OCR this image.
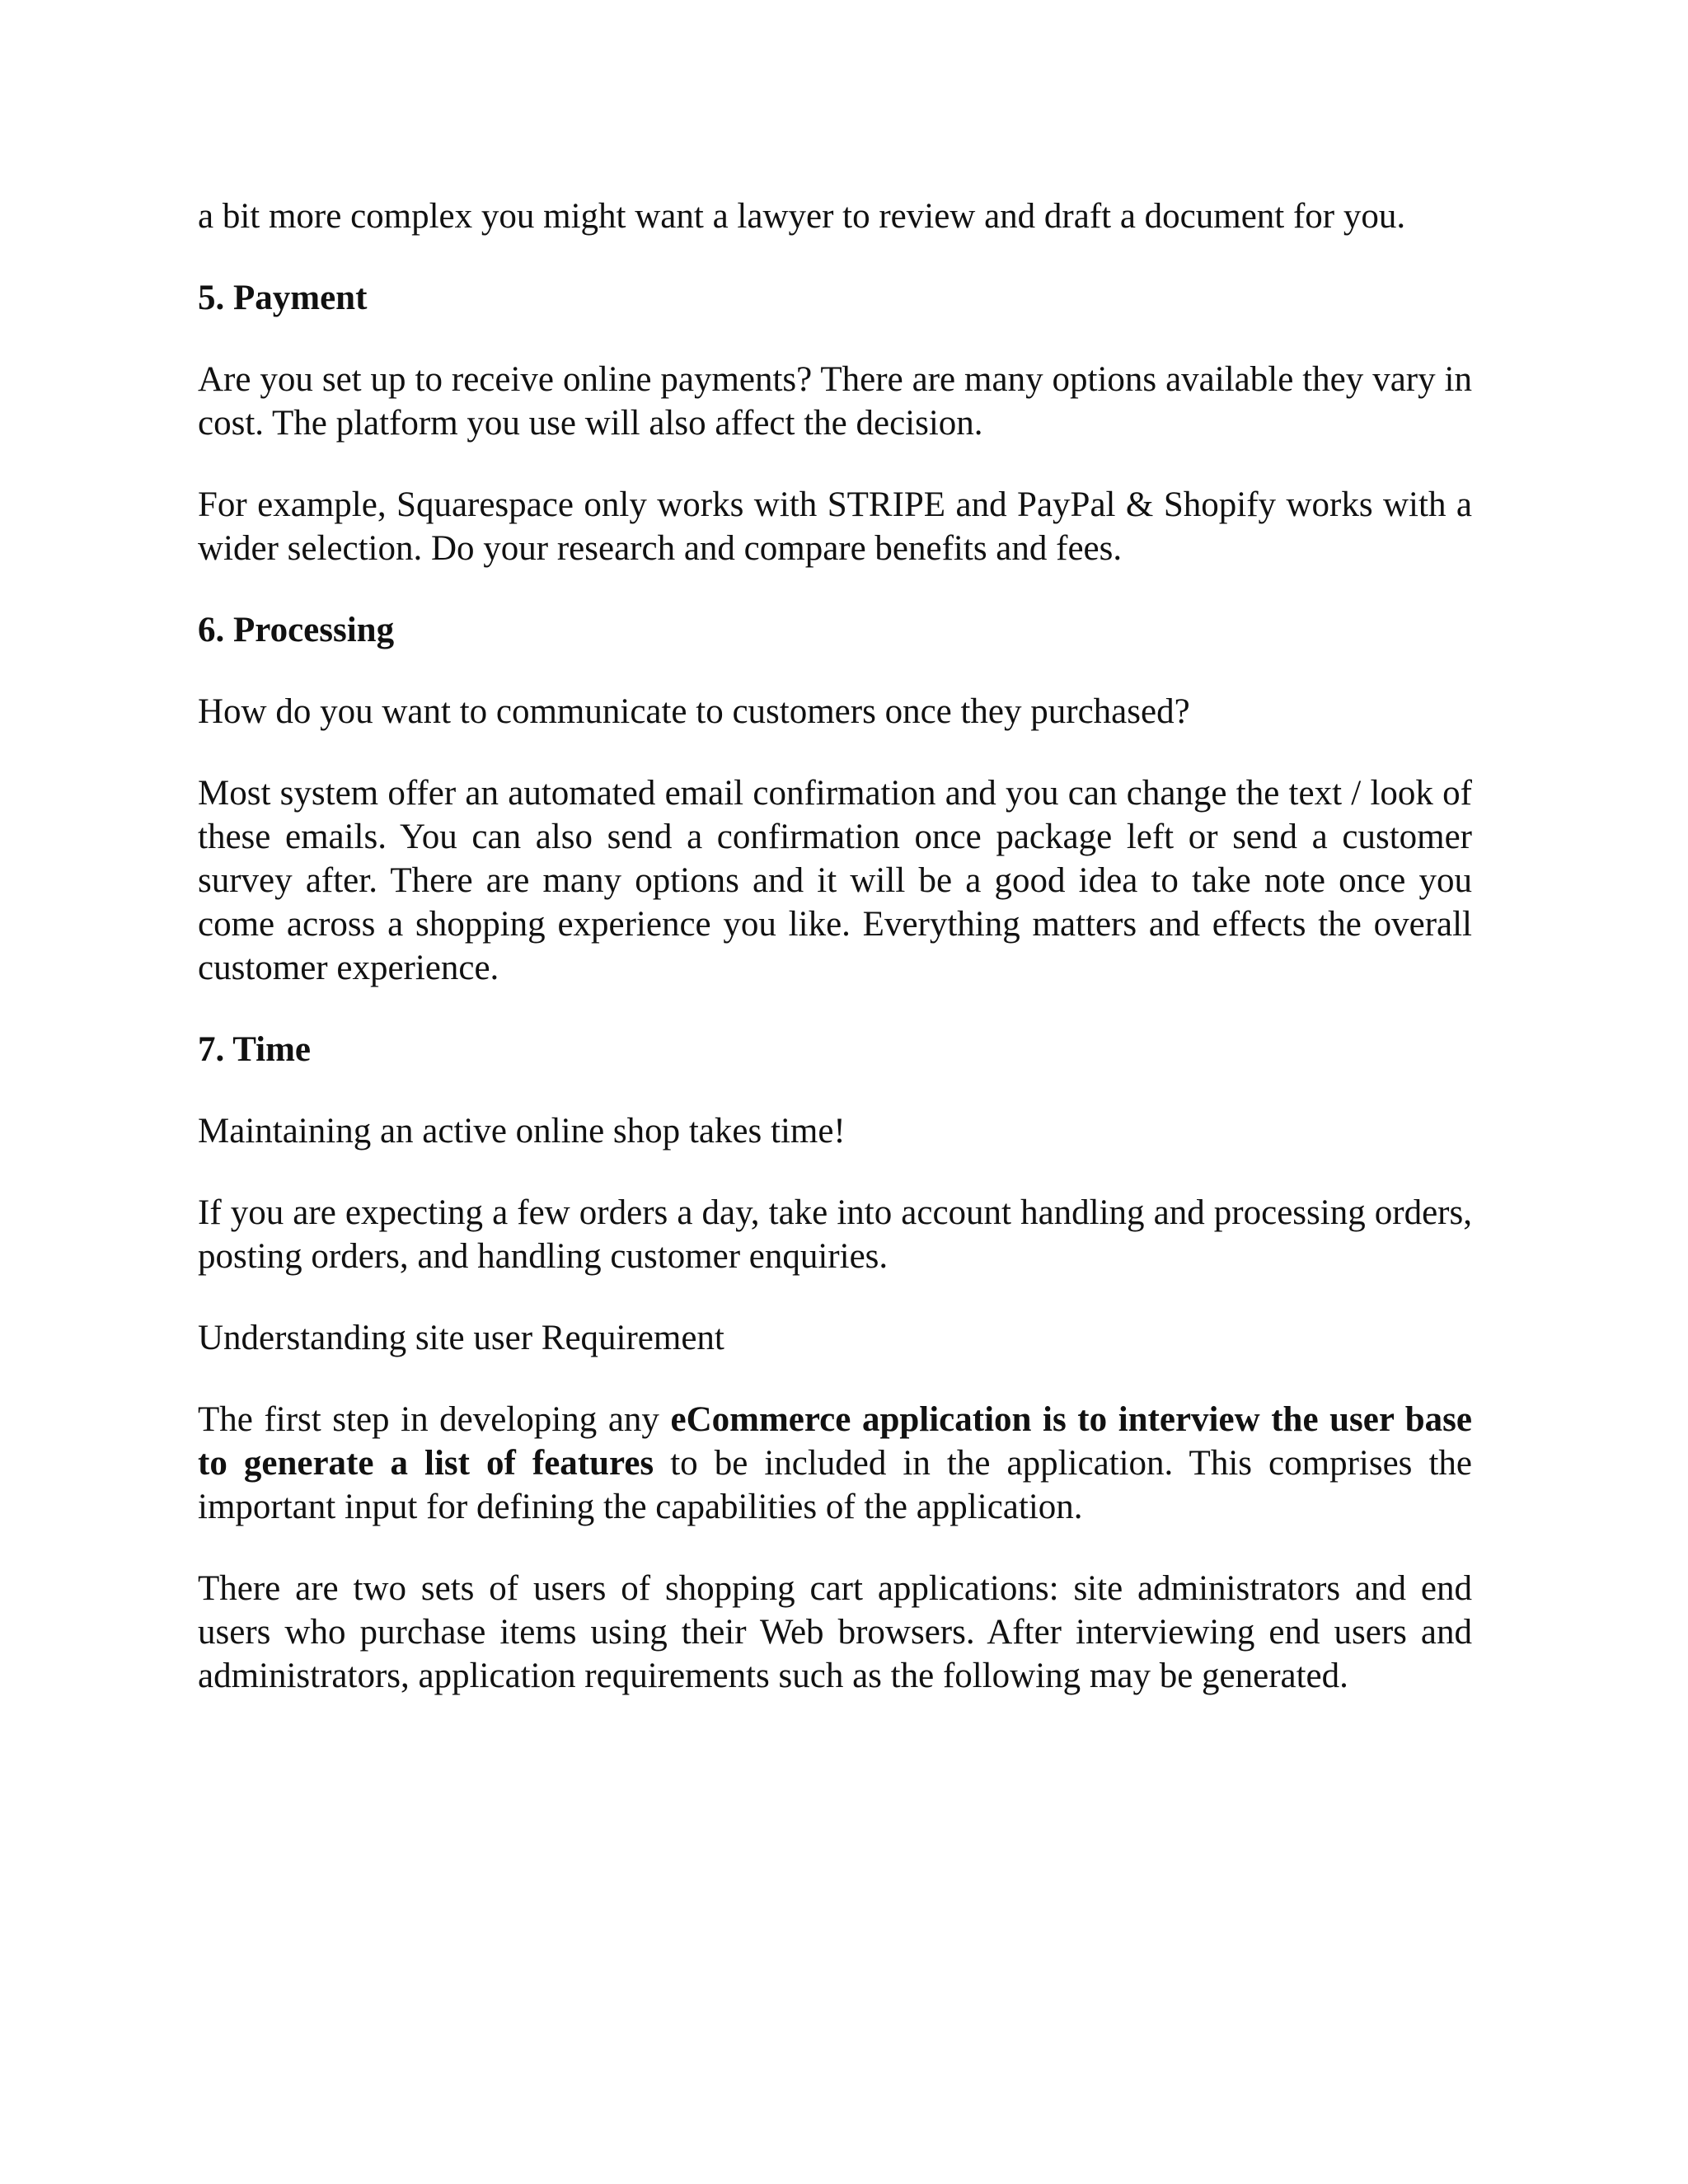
a bit more complex you might want a lawyer to review and draft a document for you.

5. Payment

Are you set up to receive online payments? There are many options available they vary in cost. The platform you use will also affect the decision.

For example, Squarespace only works with STRIPE and PayPal & Shopify works with a wider selection. Do your research and compare benefits and fees.

6. Processing

How do you want to communicate to customers once they purchased?

Most system offer an automated email confirmation and you can change the text / look of these emails. You can also send a confirmation once package left or send a customer survey after. There are many options and it will be a good idea to take note once you come across a shopping experience you like. Everything matters and effects the overall customer experience.

7. Time

Maintaining an active online shop takes time!

If you are expecting a few orders a day, take into account handling and processing orders, posting orders, and handling customer enquiries.

Understanding site user Requirement

The first step in developing any eCommerce application is to interview the user base to generate a list of features to be included in the application. This comprises the important input for defining the capabilities of the application.

There are two sets of users of shopping cart applications: site administrators and end users who purchase items using their Web browsers. After interviewing end users and administrators, application requirements such as the following may be generated.
